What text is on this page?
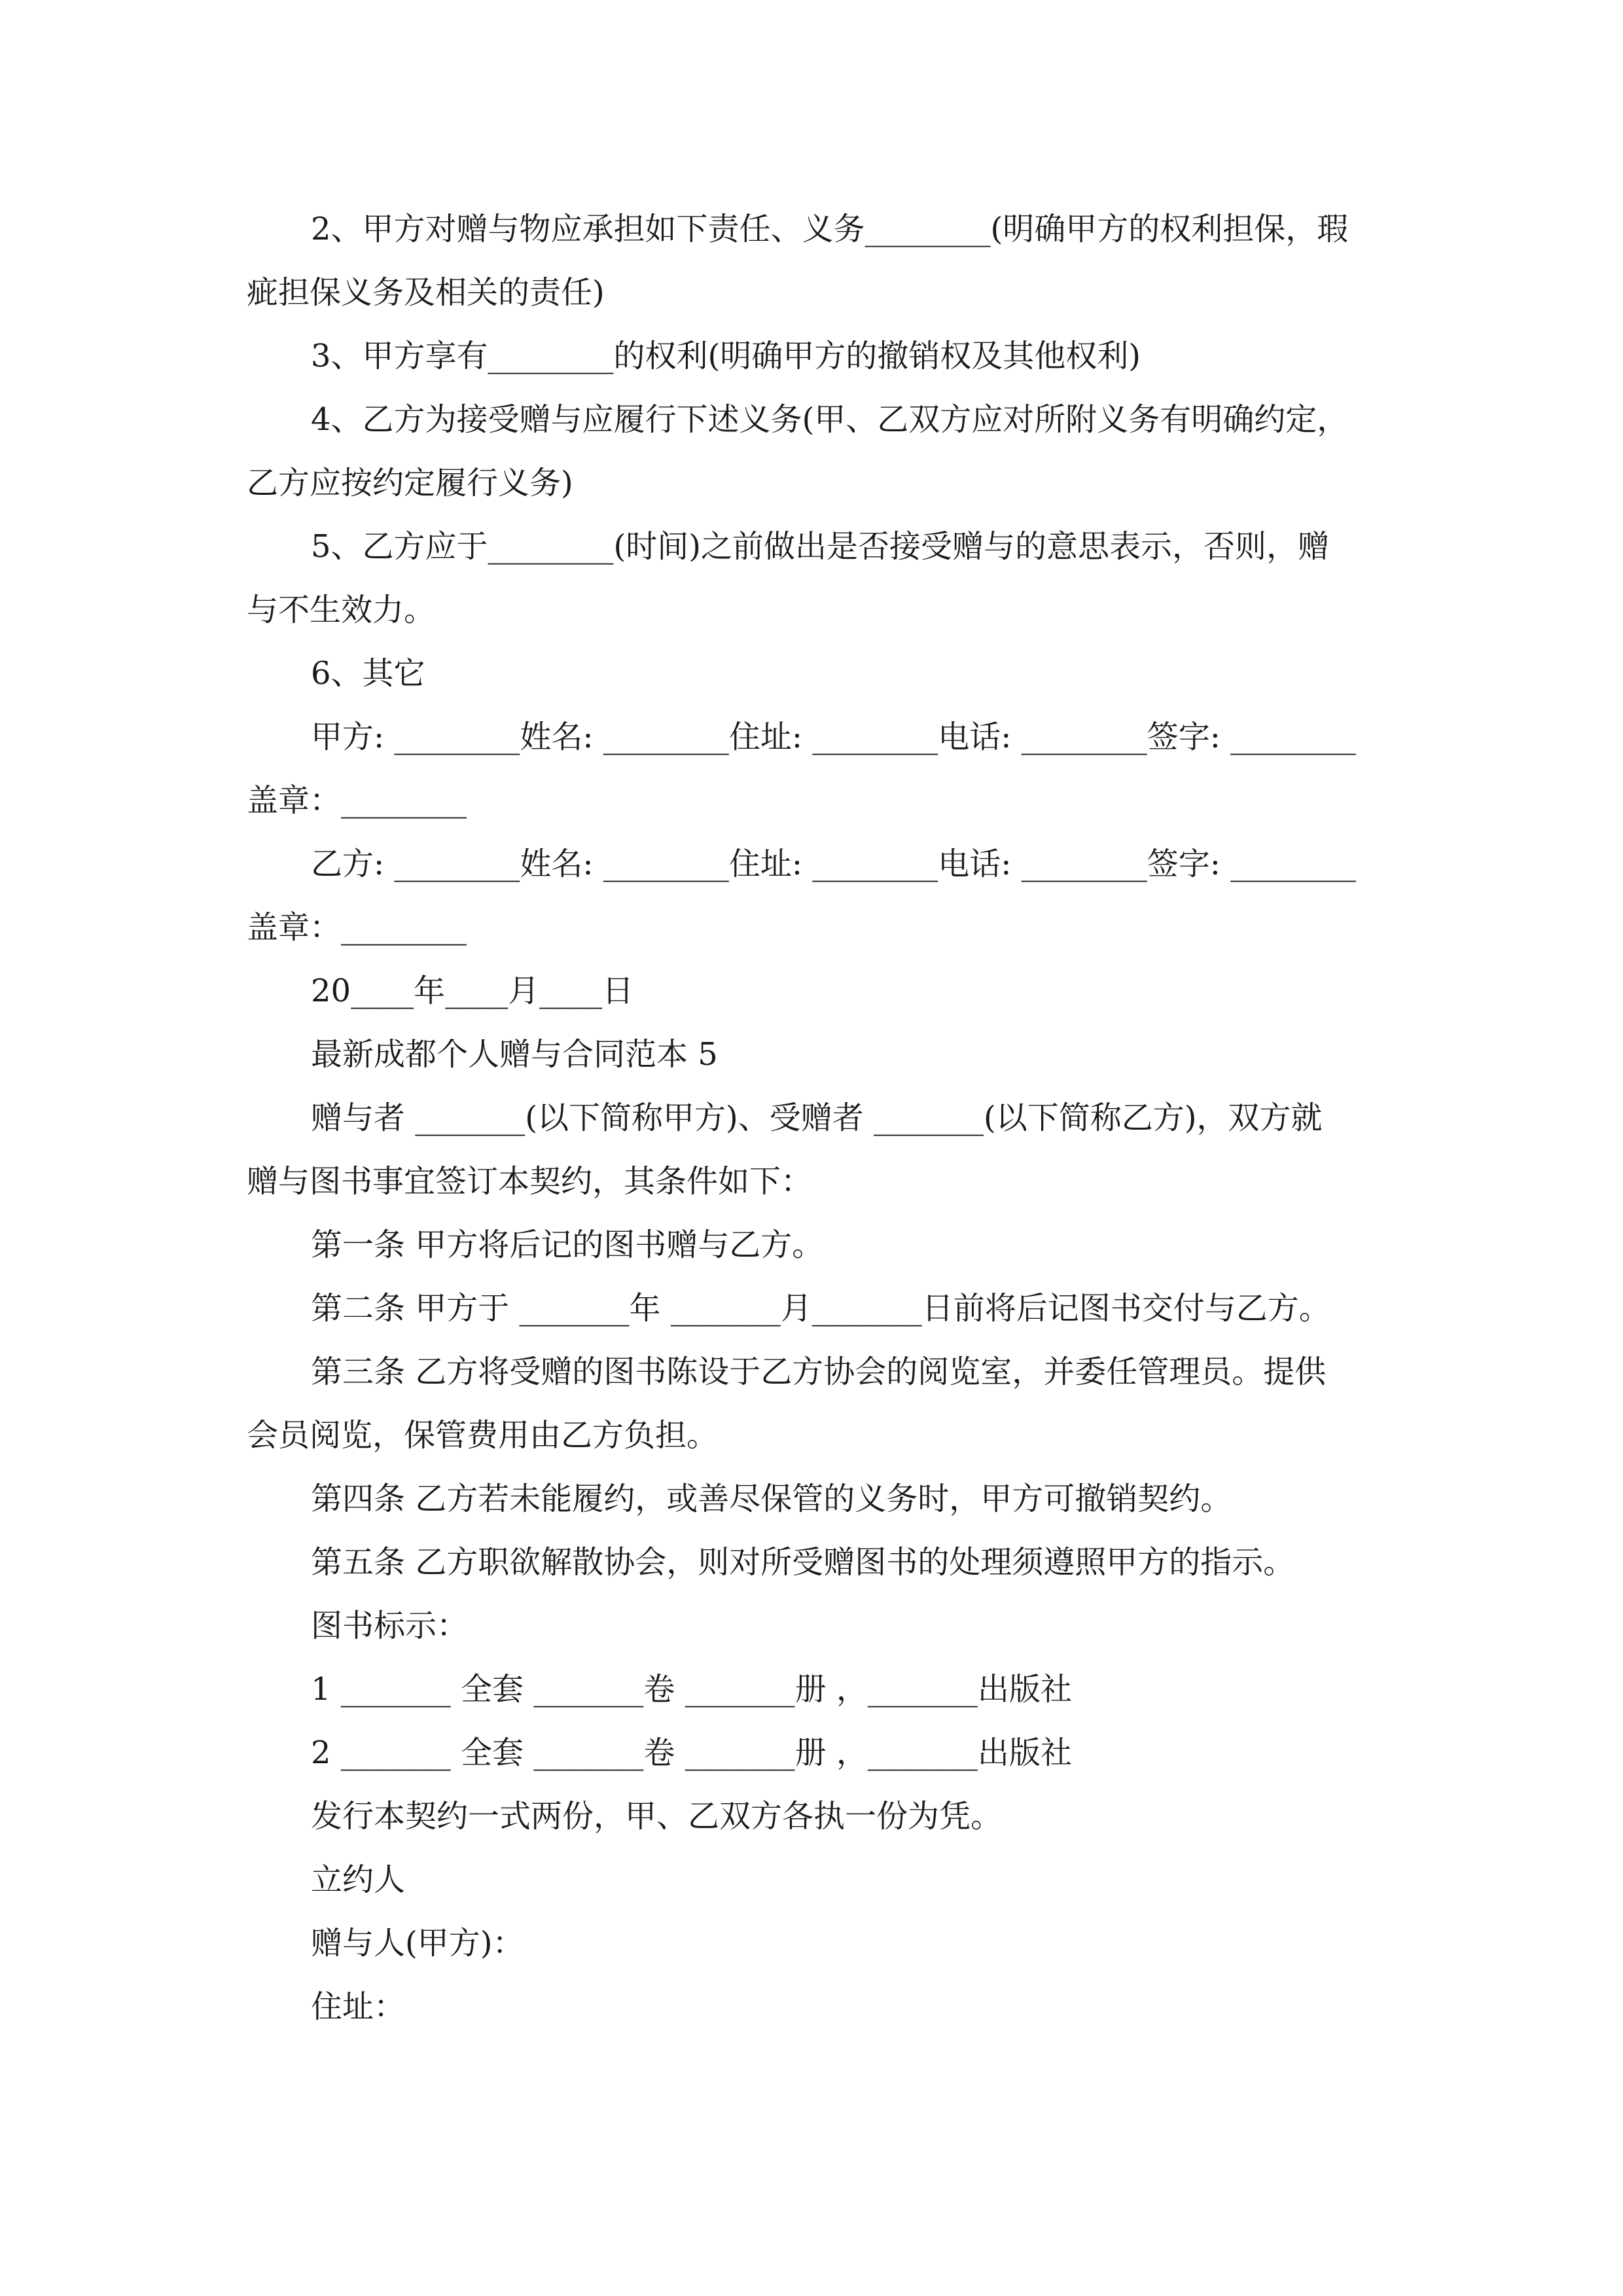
2、甲方对赠与物应承担如下责任、义务________(明确甲方的权利担保，瑕
疵担保义务及相关的责任)
3、甲方享有________的权利(明确甲方的撤销权及其他权利)
4、乙方为接受赠与应履行下述义务(甲、乙双方应对所附义务有明确约定，
乙方应按约定履行义务)
5、乙方应于________(时间)之前做出是否接受赠与的意思表示，否则，赠
与不生效力。
6、其它
甲方: ________姓名: ________住址: ________电话: ________签字: ________
盖章：________
乙方: ________姓名: ________住址: ________电话: ________签字: ________
盖章：________
20____年____月____日
最新成都个人赠与合同范本 5
赠与者 _______(以下简称甲方)、受赠者 _______(以下简称乙方)，双方就
赠与图书事宜签订本契约，其条件如下：
第一条 甲方将后记的图书赠与乙方。
第二条 甲方于 _______年 _______月_______日前将后记图书交付与乙方。
第三条 乙方将受赠的图书陈设于乙方协会的阅览室，并委任管理员。提供
会员阅览，保管费用由乙方负担。
第四条 乙方若未能履约，或善尽保管的义务时，甲方可撤销契约。
第五条 乙方职欲解散协会，则对所受赠图书的处理须遵照甲方的指示。
图书标示：
1 _______ 全套 _______卷 _______册 ，_______出版社
2 _______ 全套 _______卷 _______册 ，_______出版社
发行本契约一式两份，甲、乙双方各执一份为凭。
立约人
赠与人(甲方)：
住址：
